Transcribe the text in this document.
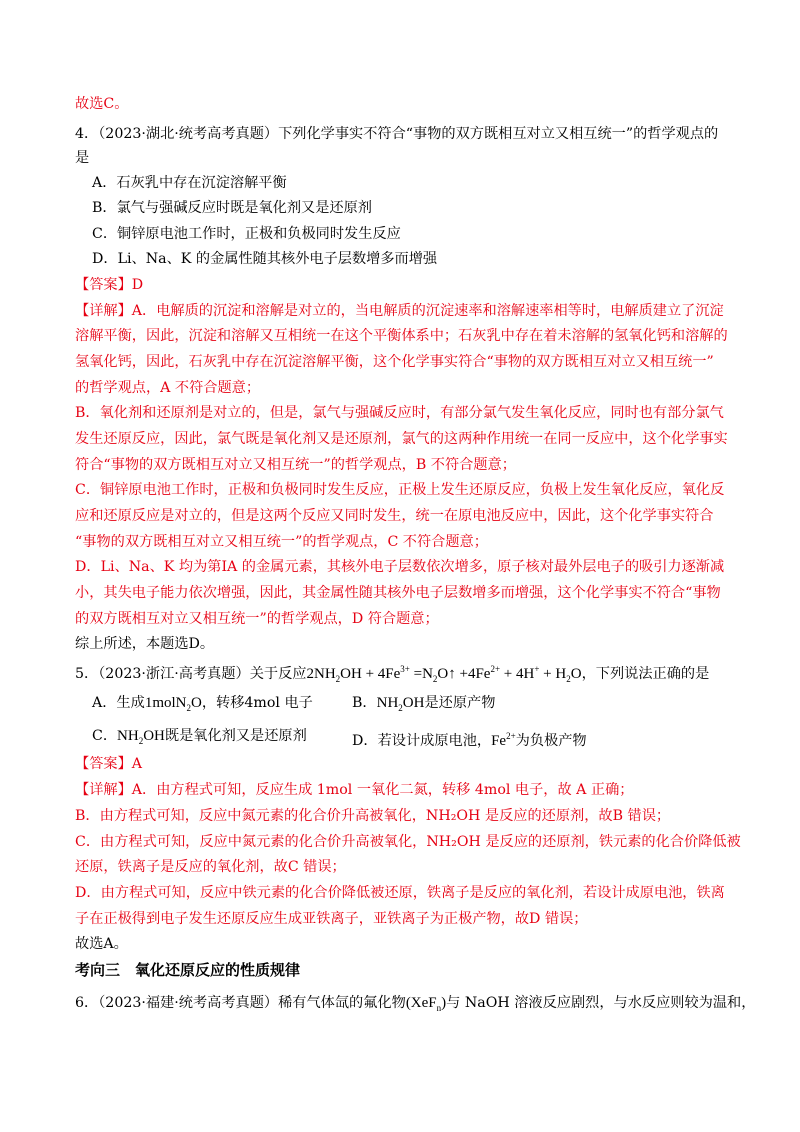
故选C。
4．（2023·湖北·统考高考真题）下列化学事实不符合“事物的双方既相互对立又相互统一”的哲学观点的
是
A．石灰乳中存在沉淀溶解平衡
B．氯气与强碱反应时既是氧化剂又是还原剂
C．铜锌原电池工作时，正极和负极同时发生反应
D．Li、Na、K 的金属性随其核外电子层数增多而增强
【答案】D
【详解】A．电解质的沉淀和溶解是对立的，当电解质的沉淀速率和溶解速率相等时，电解质建立了沉淀
溶解平衡，因此，沉淀和溶解又互相统一在这个平衡体系中；石灰乳中存在着未溶解的氢氧化钙和溶解的
氢氧化钙，因此，石灰乳中存在沉淀溶解平衡，这个化学事实符合“事物的双方既相互对立又相互统一”
的哲学观点，A 不符合题意；
B．氧化剂和还原剂是对立的，但是，氯气与强碱反应时，有部分氯气发生氧化反应，同时也有部分氯气
发生还原反应，因此，氯气既是氧化剂又是还原剂，氯气的这两种作用统一在同一反应中，这个化学事实
符合“事物的双方既相互对立又相互统一”的哲学观点，B 不符合题意；
C．铜锌原电池工作时，正极和负极同时发生反应，正极上发生还原反应，负极上发生氧化反应，氧化反
应和还原反应是对立的，但是这两个反应又同时发生，统一在原电池反应中，因此，这个化学事实符合
“事物的双方既相互对立又相互统一”的哲学观点，C 不符合题意；
D．Li、Na、K 均为第ⅠA 的金属元素，其核外电子层数依次增多，原子核对最外层电子的吸引力逐渐减
小，其失电子能力依次增强，因此，其金属性随其核外电子层数增多而增强，这个化学事实不符合“事物
的双方既相互对立又相互统一”的哲学观点，D 符合题意；
综上所述，本题选D。
5．（2023·浙江·高考真题）关于反应$2NH_2OH + 4Fe^{3+}$ $=N_2O↑ +4Fe^{2+} + 4H^+ + H_2O$，下列说法正确的是
A．生成1molN$_2$O，转移4mol 电子	B．$NH_2OH$是还原产物
C．$NH_2OH$既是氧化剂又是还原剂	D．若设计成原电池，$Fe^{2+}$为负极产物
【答案】A
【详解】A．由方程式可知，反应生成 1mol 一氧化二氮，转移 4mol 电子，故 A 正确；
B．由方程式可知，反应中氮元素的化合价升高被氧化，NH₂OH 是反应的还原剂，故B 错误；
C．由方程式可知，反应中氮元素的化合价升高被氧化，NH₂OH 是反应的还原剂，铁元素的化合价降低被
还原，铁离子是反应的氧化剂，故C 错误；
D．由方程式可知，反应中铁元素的化合价降低被还原，铁离子是反应的氧化剂，若设计成原电池，铁离
子在正极得到电子发生还原反应生成亚铁离子，亚铁离子为正极产物，故D 错误；
故选A。
考向三　氧化还原反应的性质规律
6．（2023·福建·统考高考真题）稀有气体氙的氟化物(XeF$_n$)与 NaOH 溶液反应剧烈，与水反应则较为温和，
